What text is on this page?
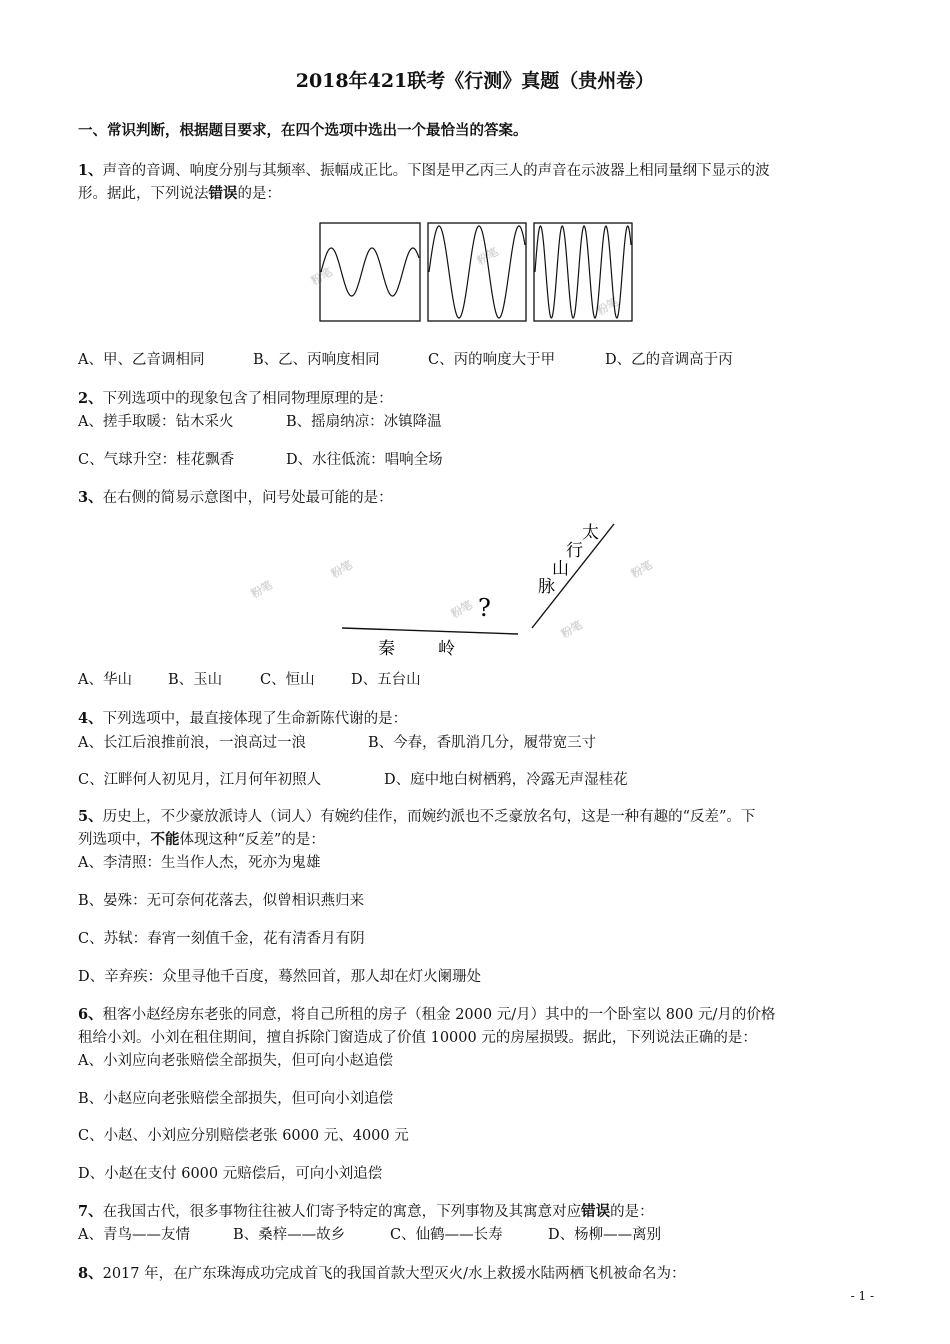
2018年421联考《行测》真题（贵州卷）
一、常识判断，根据题目要求，在四个选项中选出一个最恰当的答案。
1、声音的音调、响度分别与其频率、振幅成正比。下图是甲乙丙三人的声音在示波器上相同量纲下显示的波
形。据此，下列说法错误的是：
粉笔
粉笔
粉笔
A、甲、乙音调相同	B、乙、丙响度相同	C、丙的响度大于甲	D、乙的音调高于丙
2、下列选项中的现象包含了相同物理原理的是：
A、搓手取暖：钻木采火	B、摇扇纳凉：冰镇降温
C、气球升空：桂花飘香	D、水往低流：唱响全场
3、在右侧的简易示意图中，问号处最可能的是：
粉笔
粉笔
粉笔
粉笔
粉笔
太
行
山
脉
?
秦	岭
A、华山 B、玉山	C、恒山	D、五台山
4、下列选项中，最直接体现了生命新陈代谢的是：
A、长江后浪推前浪，一浪高过一浪	B、今春，香肌消几分，履带宽三寸
C、江畔何人初见月，江月何年初照人	D、庭中地白树栖鸦，冷露无声湿桂花
5、历史上，不少豪放派诗人（词人）有婉约佳作，而婉约派也不乏豪放名句，这是一种有趣的“反差”。下
列选项中，不能体现这种“反差”的是：
A、李清照：生当作人杰，死亦为鬼雄
B、晏殊：无可奈何花落去，似曾相识燕归来
C、苏轼：春宵一刻值千金，花有清香月有阴
D、辛弃疾：众里寻他千百度，蓦然回首，那人却在灯火阑珊处
6、租客小赵经房东老张的同意，将自己所租的房子（租金 2000 元/月）其中的一个卧室以 800 元/月的价格
租给小刘。小刘在租住期间，擅自拆除门窗造成了价值 10000 元的房屋损毁。据此，下列说法正确的是：
A、小刘应向老张赔偿全部损失，但可向小赵追偿
B、小赵应向老张赔偿全部损失，但可向小刘追偿
C、小赵、小刘应分别赔偿老张 6000 元、4000 元
D、小赵在支付 6000 元赔偿后，可向小刘追偿
7、在我国古代，很多事物往往被人们寄予特定的寓意，下列事物及其寓意对应错误的是：
A、青鸟——友情	B、桑梓——故乡	C、仙鹤——长寿	D、杨柳——离别
8、2017 年，在广东珠海成功完成首飞的我国首款大型灭火/水上救援水陆两栖飞机被命名为：
- 1 -
